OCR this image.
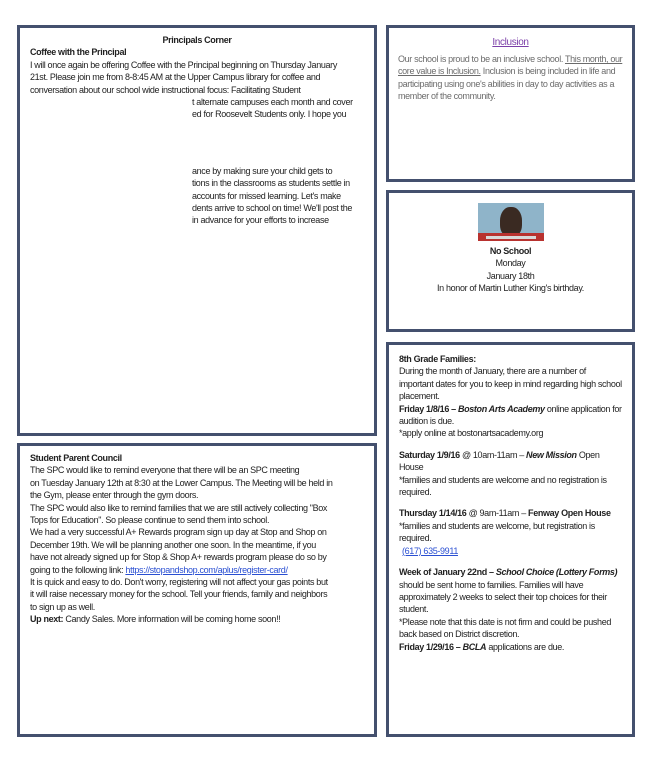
Principals Corner

Coffee with the Principal

I will once again be offering Coffee with the Principal beginning on Thursday January

21st. Please join me from 8-8:45 AM at the Upper Campus library for coffee and

conversation about our school wide instructional focus: Facilitating Student

t alternate campuses each month and cover

ed for Roosevelt Students only. I hope you

ance by making sure your child gets to

tions in the classrooms as students settle in

accounts for missed learning. Let's make

dents arrive to school on time! We'll post the

in advance for your efforts to increase

Inclusion

Our school is proud to be an inclusive school. This month, our core value is Inclusion. Inclusion is being included in life and participating using one's abilities in day to day activities as a member of the community.

No School

Monday

January 18th

In honor of Martin Luther King's birthday.

Student Parent Council

The SPC would like to remind everyone that there will be an SPC meeting

on Tuesday January 12th at 8:30 at the Lower Campus. The Meeting will be held in

the Gym, please enter through the gym doors.

The SPC would also like to remind families that we are still actively collecting "Box

Tops for Education". So please continue to send them into school.

We had a very successful A+ Rewards program sign up day at Stop and Shop on

December 19th. We will be planning another one soon. In the meantime, if you

have not already signed up for Stop & Shop A+ rewards program please do so by

going to the following link: https://stopandshop.com/aplus/register-card/

It is quick and easy to do. Don't worry, registering will not affect your gas points but

it will raise necessary money for the school. Tell your friends, family and neighbors

to sign up as well.

Up next: Candy Sales. More information will be coming home soon!!

8th Grade Families:

During the month of January, there are a number of important dates for you to keep in mind regarding high school placement.

Friday 1/8/16 – Boston Arts Academy online application for audition is due.

*apply online at bostonartsacademy.org

Saturday 1/9/16 @ 10am-11am – New Mission Open House

*families and students are welcome and no registration is required.

Thursday 1/14/16 @ 9am-11am – Fenway Open House

*families and students are welcome, but registration is required.

(617) 635-9911

Week of January 22nd – School Choice (Lottery Forms) should be sent home to families. Families will have approximately 2 weeks to select their top choices for their student.

*Please note that this date is not firm and could be pushed back based on District discretion.

Friday 1/29/16 – BCLA applications are due.
